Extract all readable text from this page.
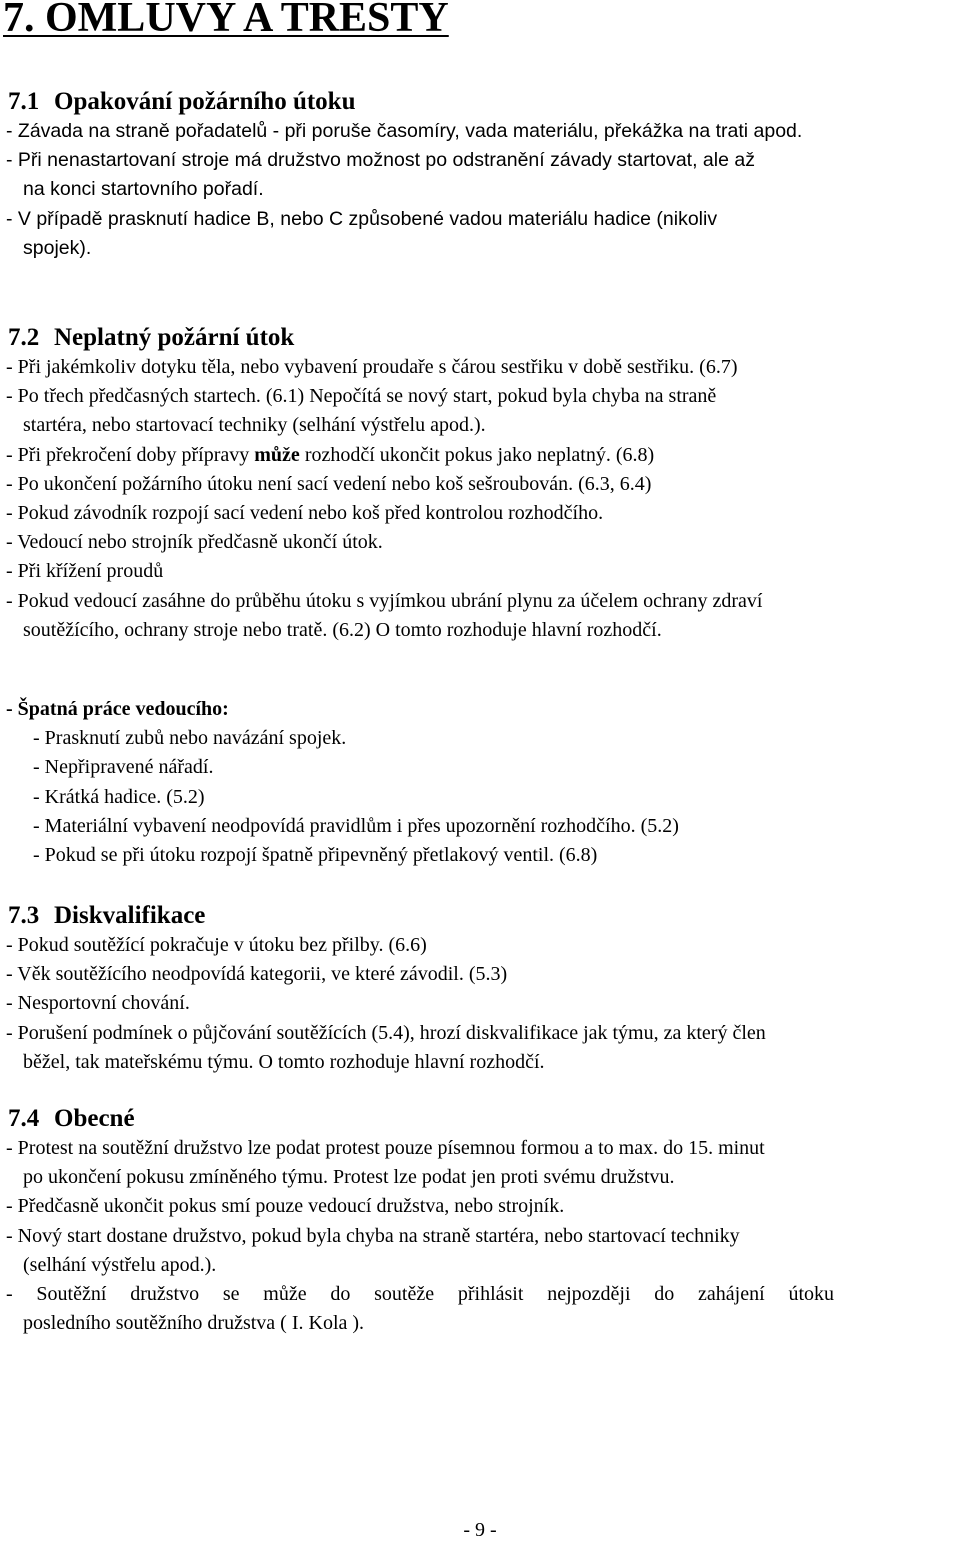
7. OMLUVY A TRESTY
7.1 Opakování požárního útoku
- Závada na straně pořadatelů - při poruše časomíry, vada materiálu, překážka na trati apod.
- Při nenastartovaní stroje má družstvo možnost po odstranění závady startovat, ale až
na konci startovního pořadí.
- V případě prasknutí hadice B, nebo C způsobené vadou materiálu hadice (nikoliv
spojek).
7.2 Neplatný požární útok
- Při jakémkoliv dotyku těla, nebo vybavení proudaře s čárou sestřiku v době sestřiku. (6.7)
- Po třech předčasných startech. (6.1) Nepočítá se nový start, pokud byla chyba na straně
startéra, nebo startovací techniky (selhání výstřelu apod.).
- Při překročení doby přípravy může rozhodčí ukončit pokus jako neplatný. (6.8)
- Po ukončení požárního útoku není sací vedení nebo koš sešroubován. (6.3, 6.4)
- Pokud závodník rozpojí sací vedení nebo koš před kontrolou rozhodčího.
- Vedoucí nebo strojník předčasně ukončí útok.
- Při křížení proudů
- Pokud vedoucí zasáhne do průběhu útoku s vyjímkou ubrání plynu za účelem ochrany zdraví
soutěžícího, ochrany stroje nebo tratě. (6.2) O tomto rozhoduje hlavní rozhodčí.
- Špatná práce vedoucího:
- Prasknutí zubů nebo navázání spojek.
- Nepřipravené nářadí.
- Krátká hadice. (5.2)
- Materiální vybavení neodpovídá pravidlům i přes upozornění rozhodčího. (5.2)
- Pokud se při útoku rozpojí špatně připevněný přetlakový ventil. (6.8)
7.3 Diskvalifikace
- Pokud soutěžící pokračuje v útoku bez přilby. (6.6)
- Věk soutěžícího neodpovídá kategorii, ve které závodil. (5.3)
- Nesportovní chování.
- Porušení podmínek o půjčování soutěžících (5.4), hrozí diskvalifikace jak týmu, za který člen
běžel, tak mateřskému týmu. O tomto rozhoduje hlavní rozhodčí.
7.4 Obecné
- Protest na soutěžní družstvo lze podat protest pouze písemnou formou a to max. do 15. minut
po ukončení pokusu zmíněného týmu. Protest lze podat jen proti svému družstvu.
- Předčasně ukončit pokus smí pouze vedoucí družstva, nebo strojník.
- Nový start dostane družstvo, pokud byla chyba na straně startéra, nebo startovací techniky
(selhání výstřelu apod.).
- Soutěžní družstvo se může do soutěže přihlásit nejpozději do zahájení útoku
posledního soutěžního družstva ( I. Kola ).
- 9 -
